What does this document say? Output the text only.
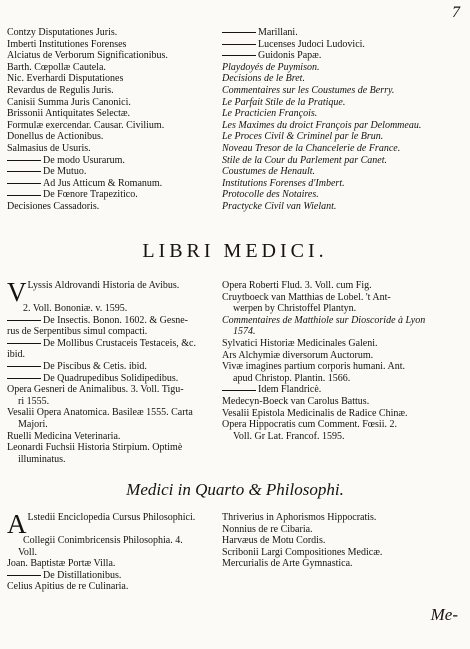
7
Contzy Disputationes Juris.
Imberti Institutiones Forenses
Alciatus de Verborum Significationibus.
Barth. Cœpollæ Cautela.
Nic. Everhardi Disputationes
Revardus de Regulis Juris.
Canisii Summa Juris Canonici.
Brissonii Antiquitates Selectæ.
Formulæ exercendar. Causar. Civilium.
Donellus de Actionibus.
Salmasius de Usuris.
De modo Usurarum.
De Mutuo.
Ad Jus Atticum & Romanum.
De Fœnore Trapezitico.
Decisiones Cassadoris.
Marillani.
Lucenses Judoci Ludovici.
Guidonis Papæ.
Playdoyés de Puymison.
Decisions de le Bret.
Commentaires sur les Coustumes de Berry.
Le Parfait Stile de la Pratique.
Le Practicien François.
Les Maximes du droict François par Delommeau.
Le Proces Civil & Criminel par le Brun.
Noveau Tresor de la Chancelerie de France.
Stile de la Cour du Parlement par Canet.
Coustumes de Henault.
Institutions Forenses d'Imbert.
Protocolle des Notaires.
Practycke Civil van Wielant.
LIBRI MEDICI.
V Lyssis Aldrovandi Historia de Avibus.
2. Voll. Bononiæ. v. 1595.
De Insectis. Bonon. 1602. & Gesne-
rus de Serpentibus simul compacti.
De Mollibus Crustaceis Testaceis, &c.
ibid.
De Piscibus & Cetis. ibid.
De Quadrupedibus Solidipedibus.
Opera Gesneri de Animalibus. 3. Voll. Tigu-
ri 1555.
Vesalii Opera Anatomica. Basileæ 1555. Carta
Majori.
Ruelli Medicina Veterinaria.
Leonardi Fuchsii Historia Stirpium. Optimè
illuminatus.
Opera Roberti Flud. 3. Voll. cum Fig.
Cruytboeck van Matthias de Lobel. 't Ant-
werpen by Christoffel Plantyn.
Commentaires de Matthiole sur Dioscoride à Lyon
1574.
Sylvatici Historiæ Medicinales Galeni.
Ars Alchymiæ diversorum Auctorum.
Vivæ imagines partium corporis humani. Ant.
apud Christop. Plantin. 1566.
Idem Flandricè.
Medecyn-Boeck van Carolus Battus.
Vesalii Epistola Medicinalis de Radice Chinæ.
Opera Hippocratis cum Comment. Fœsii. 2.
Voll. Gr Lat. Francof. 1595.
Medici in Quarto & Philosophi.
A Lstedii Enciclopedia Cursus Philosophici.
Collegii Conimbricensis Philosophia. 4.
Voll.
Joan. Baptistæ Portæ Villa.
De Distillationibus.
Celius Apitius de re Culinaria.
Thriverius in Aphorismos Hippocratis.
Nonnius de re Cibaria.
Harvæus de Motu Cordis.
Scribonii Largi Compositiones Medicæ.
Mercurialis de Arte Gymnastica.
Me-
